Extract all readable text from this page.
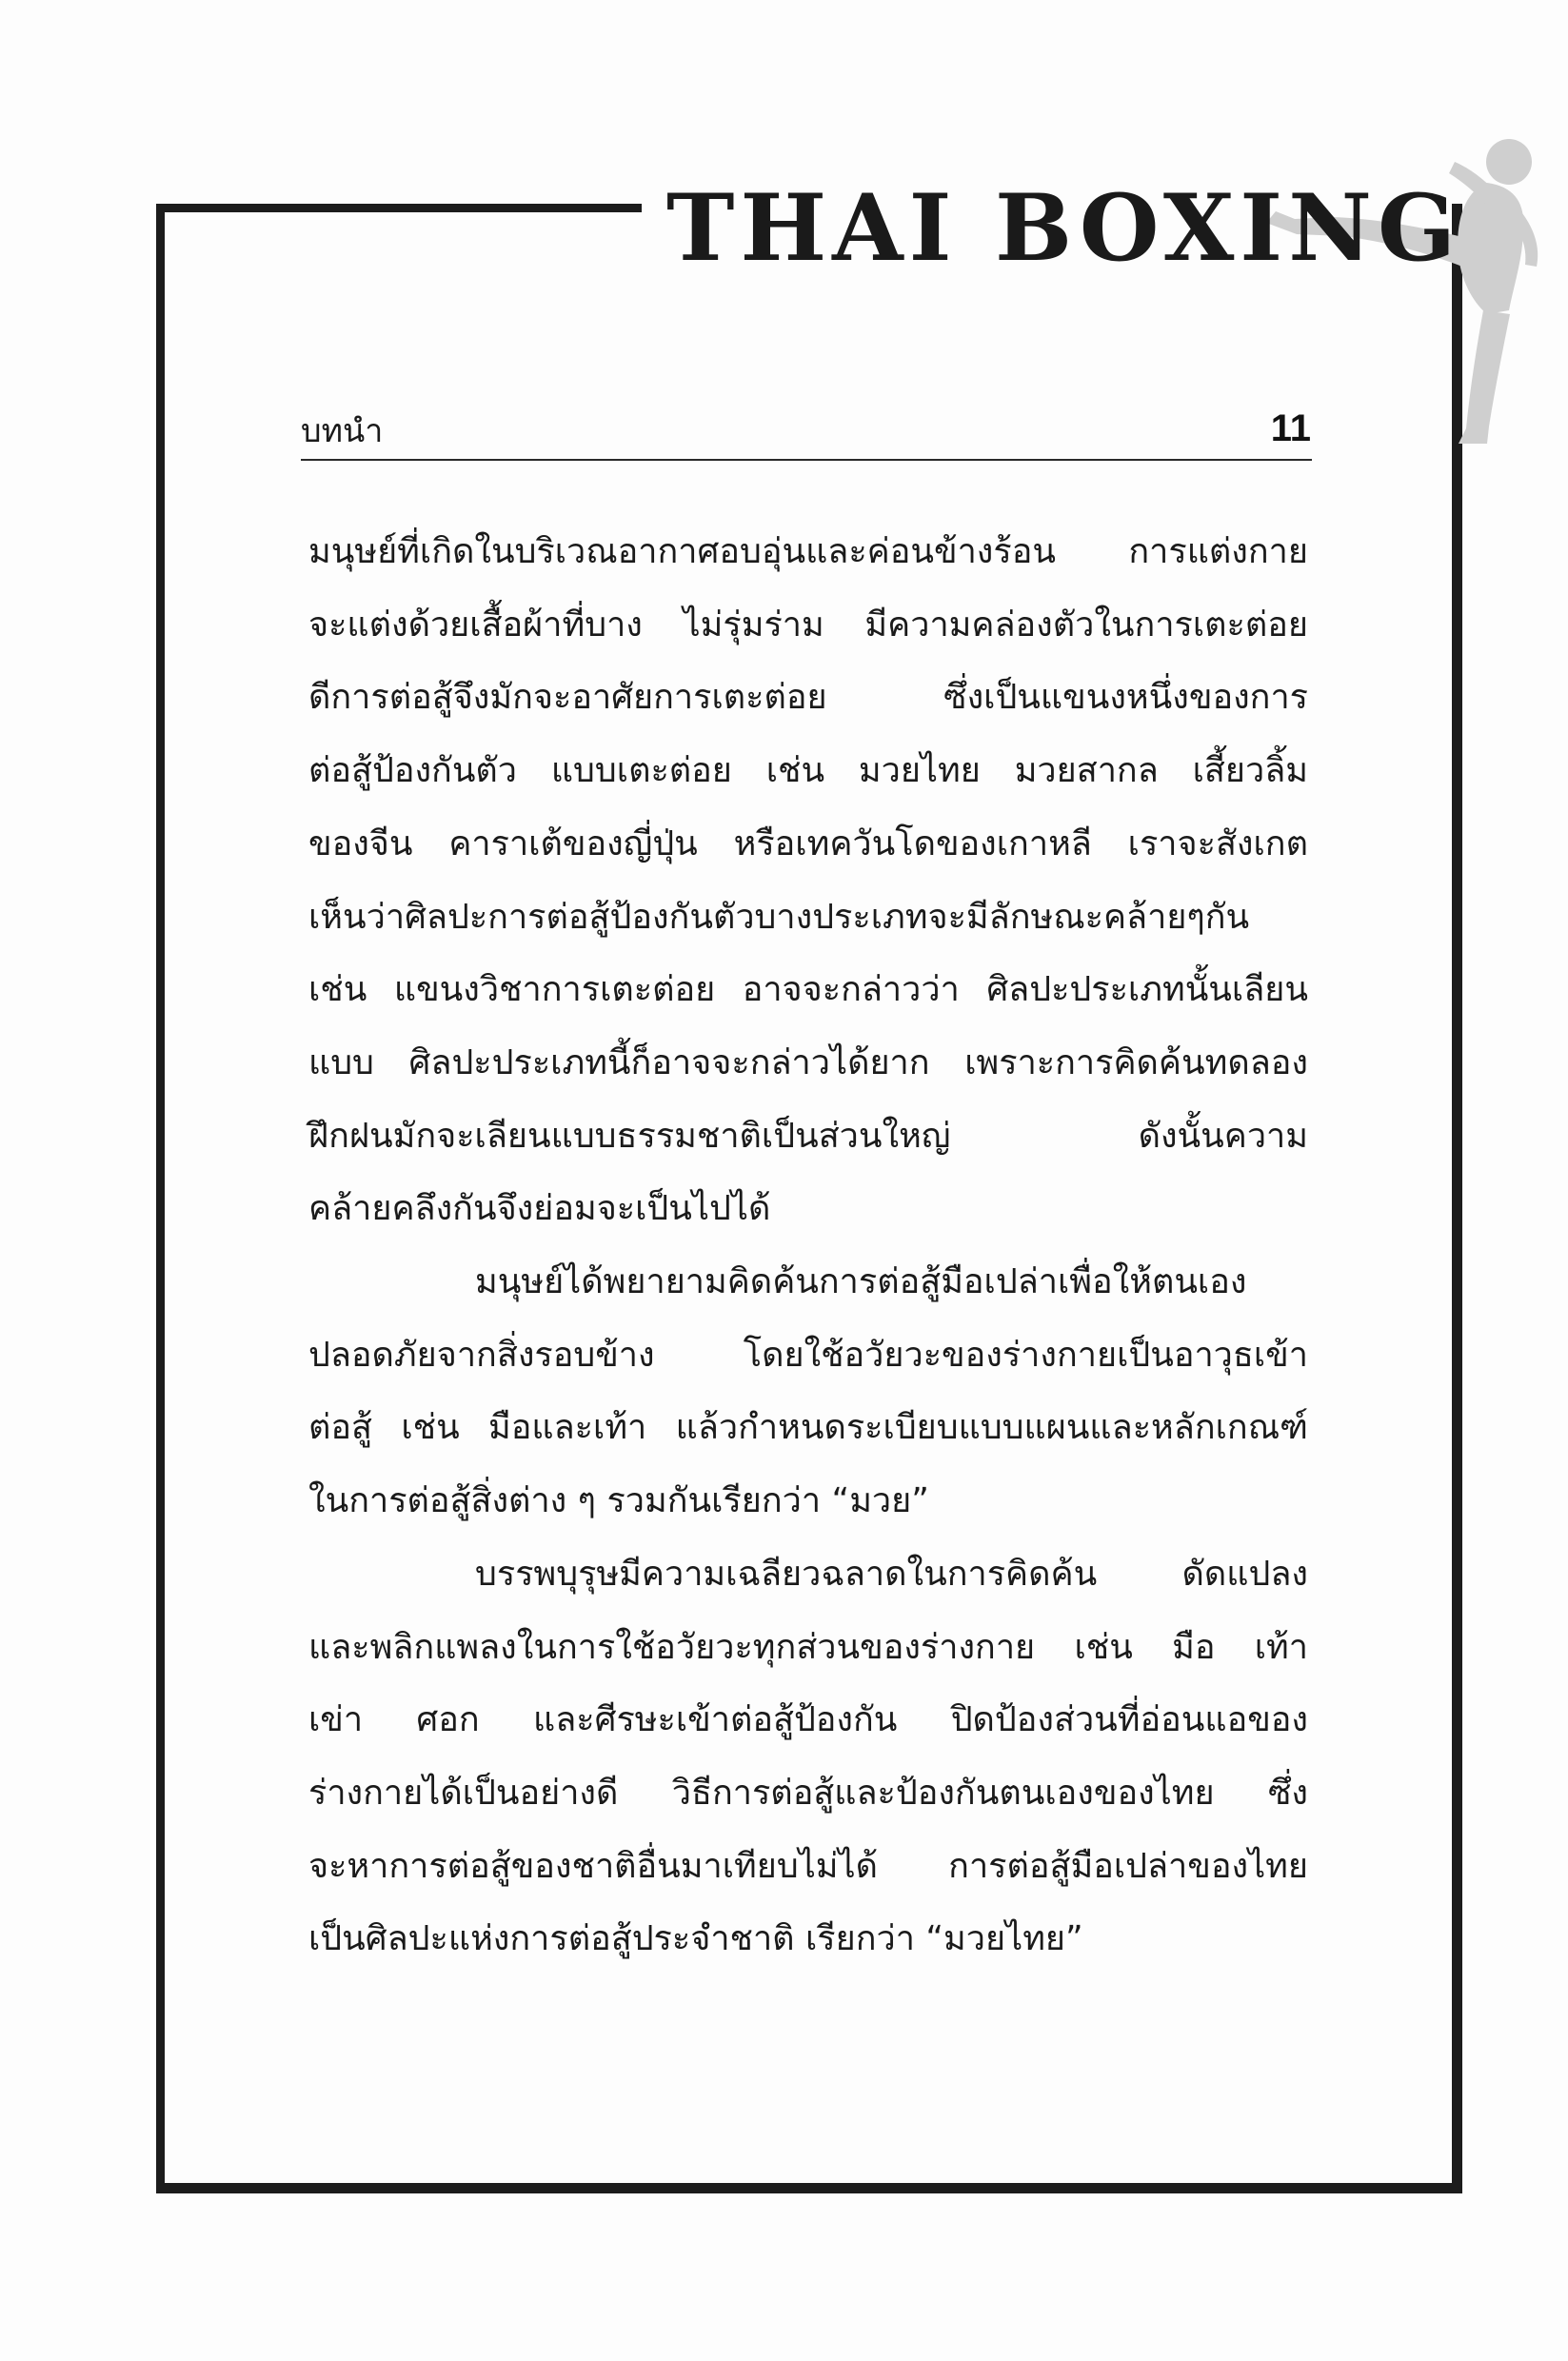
THAI BOXING
บทนำ	11
มนุษย์ที่เกิดในบริเวณอากาศอบอุ่นและค่อนข้างร้อน การแต่งกาย
จะแต่งด้วยเสื้อผ้าที่บาง ไม่รุ่มร่าม มีความคล่องตัวในการเตะต่อย
ดีการต่อสู้จึงมักจะอาศัยการเตะต่อย ซึ่งเป็นแขนงหนึ่งของการ
ต่อสู้ป้องกันตัว แบบเตะต่อย เช่น มวยไทย มวยสากล เสี้ยวลิ้ม
ของจีน คาราเต้ของญี่ปุ่น หรือเทควันโดของเกาหลี เราจะสังเกต
เห็นว่าศิลปะการต่อสู้ป้องกันตัวบางประเภทจะมีลักษณะคล้ายๆกัน
เช่น แขนงวิชาการเตะต่อย อาจจะกล่าวว่า ศิลปะประเภทนั้นเลียน
แบบ ศิลปะประเภทนี้ก็อาจจะกล่าวได้ยาก เพราะการคิดค้นทดลอง
ฝึกฝนมักจะเลียนแบบธรรมชาติเป็นส่วนใหญ่ ดังนั้นความ
คล้ายคลึงกันจึงย่อมจะเป็นไปได้
มนุษย์ได้พยายามคิดค้นการต่อสู้มือเปล่าเพื่อให้ตนเอง
ปลอดภัยจากสิ่งรอบข้าง โดยใช้อวัยวะของร่างกายเป็นอาวุธเข้า
ต่อสู้ เช่น มือและเท้า แล้วกำหนดระเบียบแบบแผนและหลักเกณฑ์
ในการต่อสู้สิ่งต่าง ๆ รวมกันเรียกว่า “มวย”
บรรพบุรุษมีความเฉลียวฉลาดในการคิดค้น ดัดแปลง
และพลิกแพลงในการใช้อวัยวะทุกส่วนของร่างกาย เช่น มือ เท้า
เข่า ศอก และศีรษะเข้าต่อสู้ป้องกัน ปิดป้องส่วนที่อ่อนแอของ
ร่างกายได้เป็นอย่างดี วิธีการต่อสู้และป้องกันตนเองของไทย ซึ่ง
จะหาการต่อสู้ของชาติอื่นมาเทียบไม่ได้ การต่อสู้มือเปล่าของไทย
เป็นศิลปะแห่งการต่อสู้ประจำชาติ เรียกว่า “มวยไทย”
